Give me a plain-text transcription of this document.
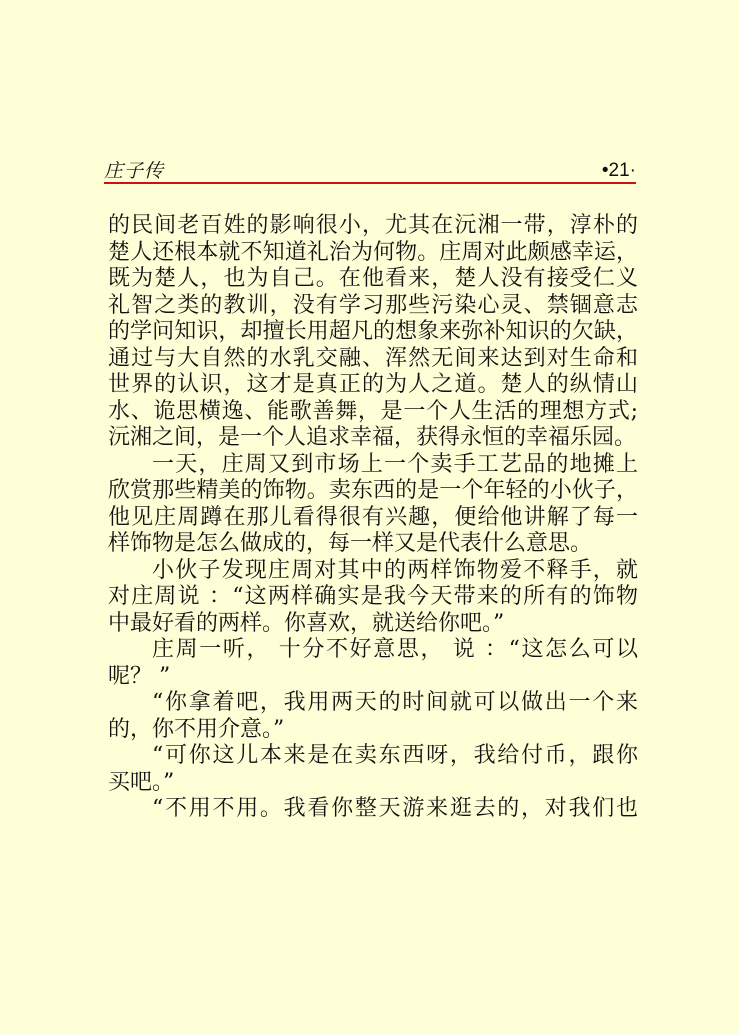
庄子传	•21·
的民间老百姓的影响很小，尤其在沅湘一带，淳朴的
楚人还根本就不知道礼治为何物。庄周对此颇感幸运，
既为楚人，也为自己。在他看来，楚人没有接受仁义
礼智之类的教训，没有学习那些污染心灵、禁锢意志
的学问知识，却擅长用超凡的想象来弥补知识的欠缺，
通过与大自然的水乳交融、浑然无间来达到对生命和
世界的认识，这才是真正的为人之道。楚人的纵情山
水、诡思横逸、能歌善舞，是一个人生活的理想方式;
沅湘之间，是一个人追求幸福，获得永恒的幸福乐园。
一天，庄周又到市场上一个卖手工艺品的地摊上
欣赏那些精美的饰物。卖东西的是一个年轻的小伙子，
他见庄周蹲在那儿看得很有兴趣，便给他讲解了每一
样饰物是怎么做成的，每一样又是代表什么意思。
小伙子发现庄周对其中的两样饰物爱不释手，就
对庄周说 ：“这两样确实是我今天带来的所有的饰物
中最好看的两样。你喜欢，就送给你吧。”
庄周一听， 十分不好意思， 说 ：“这怎么可以
呢？ ”
“你拿着吧，我用两天的时间就可以做出一个来
的，你不用介意。”
“可你这儿本来是在卖东西呀，我给付币，跟你
买吧。”
“不用不用。我看你整天游来逛去的，对我们也
